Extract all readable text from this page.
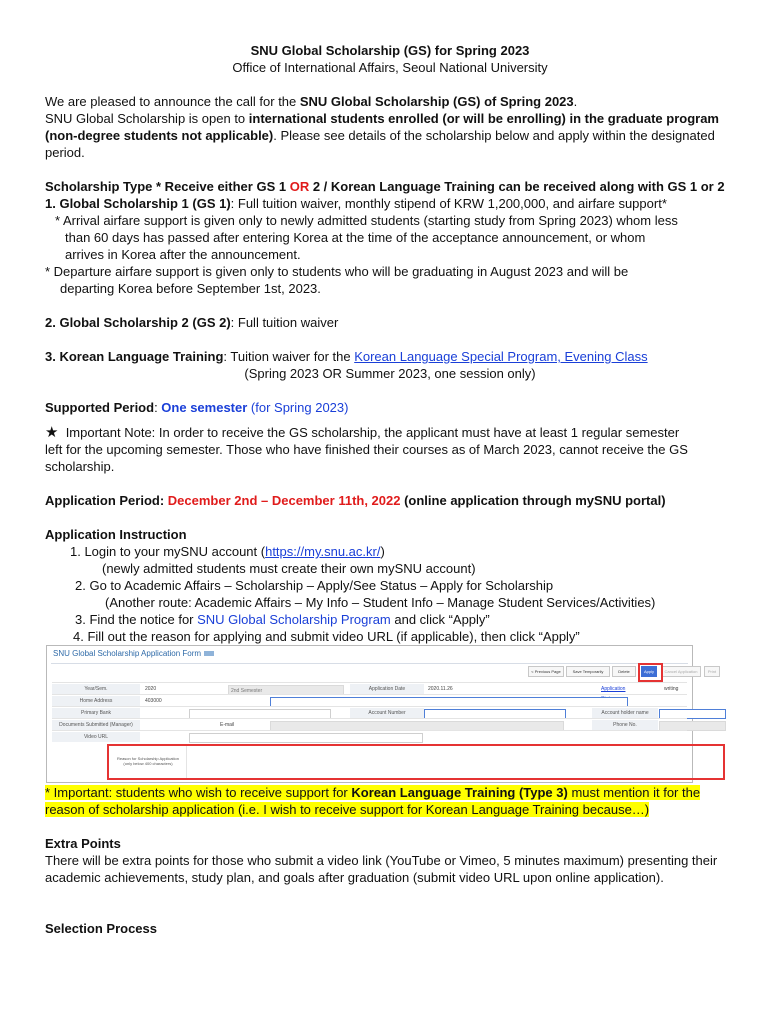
SNU Global Scholarship (GS) for Spring 2023
Office of International Affairs, Seoul National University
We are pleased to announce the call for the SNU Global Scholarship (GS) of Spring 2023.
SNU Global Scholarship is open to international students enrolled (or will be enrolling) in the graduate program (non-degree students not applicable). Please see details of the scholarship below and apply within the designated period.
Scholarship Type * Receive either GS 1 OR 2 / Korean Language Training can be received along with GS 1 or 2
1. Global Scholarship 1 (GS 1): Full tuition waiver, monthly stipend of KRW 1,200,000, and airfare support*
* Arrival airfare support is given only to newly admitted students (starting study from Spring 2023) whom less
than 60 days has passed after entering Korea at the time of the acceptance announcement, or whom
arrives in Korea after the announcement.
* Departure airfare support is given only to students who will be graduating in August 2023 and will be
departing Korea before September 1st, 2023.
2. Global Scholarship 2 (GS 2): Full tuition waiver
3. Korean Language Training: Tuition waiver for the Korean Language Special Program, Evening Class
(Spring 2023 OR Summer 2023, one session only)
Supported Period: One semester (for Spring 2023)
★ Important Note: In order to receive the GS scholarship, the applicant must have at least 1 regular semester
left for the upcoming semester. Those who have finished their courses as of March 2023, cannot receive the GS
scholarship.
Application Period: December 2nd – December 11th, 2022 (online application through mySNU portal)
Application Instruction
1. Login to your mySNU account (https://my.snu.ac.kr/)
(newly admitted students must create their own mySNU account)
2. Go to Academic Affairs – Scholarship – Apply/See Status – Apply for Scholarship
(Another route: Academic Affairs – My Info – Student Info – Manage Student Services/Activities)
3. Find the notice for SNU Global Scholarship Program and click “Apply”
4. Fill out the reason for applying and submit video URL (if applicable), then click “Apply”
SNU Global Scholarship Application Form
< Previous Page	Save Temporarily	Delete	Apply	Cancel Application	Print
Year/Sem.	2020	2nd Semester	Application Date	2020.11.26	Application	writing
Home Address	403000
Primary Bank	Account Number	Account holder name
Documents Submitted (Manager)	E-mail	Phone No.
Video URL
Reason for Scholarship Application (only below 400 characters)
* Important: students who wish to receive support for Korean Language Training (Type 3) must mention it for the reason of scholarship application (i.e. I wish to receive support for Korean Language Training because…)
Extra Points
There will be extra points for those who submit a video link (YouTube or Vimeo, 5 minutes maximum) presenting their academic achievements, study plan, and goals after graduation (submit video URL upon online application).
Selection Process
